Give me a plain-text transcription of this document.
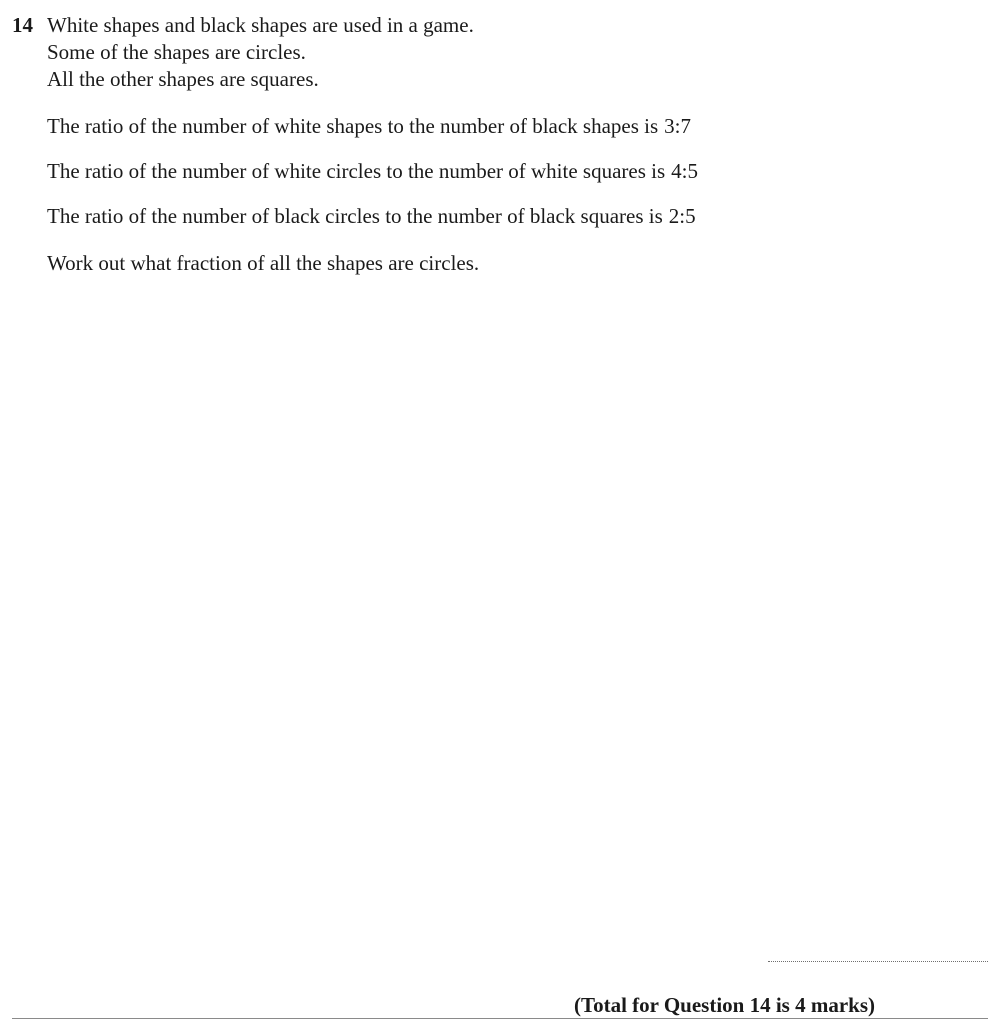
14 White shapes and black shapes are used in a game.
Some of the shapes are circles.
All the other shapes are squares.
The ratio of the number of white shapes to the number of black shapes is 3:7
The ratio of the number of white circles to the number of white squares is 4:5
The ratio of the number of black circles to the number of black squares is 2:5
Work out what fraction of all the shapes are circles.
(Total for Question 14 is 4 marks)
